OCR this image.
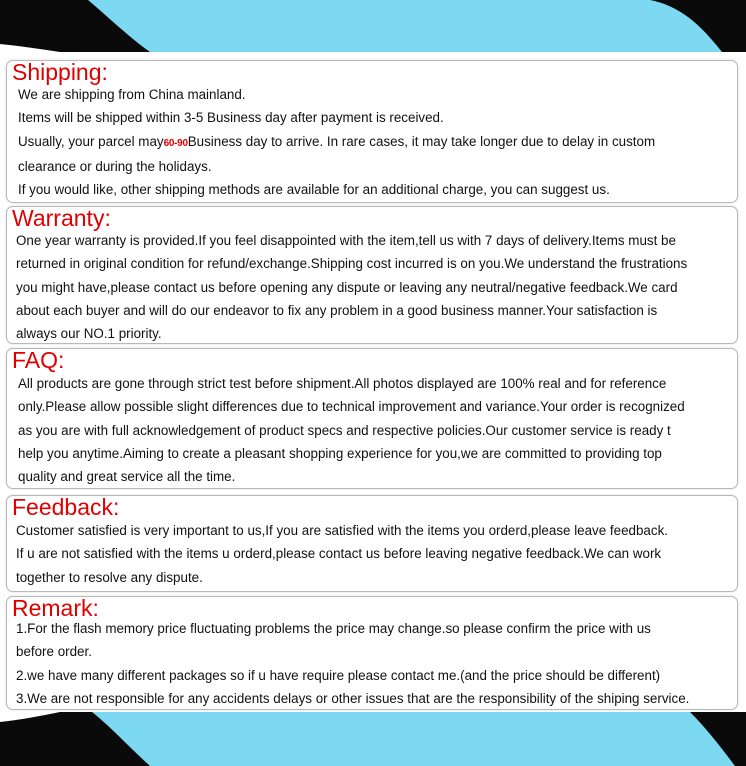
Shipping:

We are shipping from China mainland.

Items will be shipped within 3-5 Business day after payment is received.

Usually, your parcel may60-90Business day to arrive. In rare cases, it may take longer due to delay in custom

clearance or during the holidays.

If you would like, other shipping methods are available for an additional charge, you can suggest us.

Warranty:

One year warranty is provided.If you feel disappointed with the item,tell us with 7 days of delivery.Items must be

returned in original condition for refund/exchange.Shipping cost incurred is on you.We understand the frustrations

you might have,please contact us before opening any dispute or leaving any neutral/negative feedback.We card

about each buyer and will do our endeavor to fix any problem in a good business manner.Your satisfaction is

always our NO.1 priority.

FAQ:

All products are gone through strict test before shipment.All photos displayed are 100% real and for reference

only.Please allow possible slight differences due to technical improvement and variance.Your order is recognized

as you are with full acknowledgement of product specs and respective policies.Our customer service is ready t

help you anytime.Aiming to create a pleasant shopping experience for you,we are committed to providing top

quality and great service all the time.

Feedback:

Customer satisfied is very important to us,If you are satisfied with the items you orderd,please leave feedback.

If u are not satisfied with the items u orderd,please contact us before leaving negative feedback.We can work

together to resolve any dispute.

Remark:

1.For the flash memory price fluctuating problems the price may change.so please confirm the price with us

before order.

2.we have many different packages so if u have require please contact me.(and the price should be different)

3.We are not responsible for any accidents delays or other issues that are the responsibility of the shiping service.
